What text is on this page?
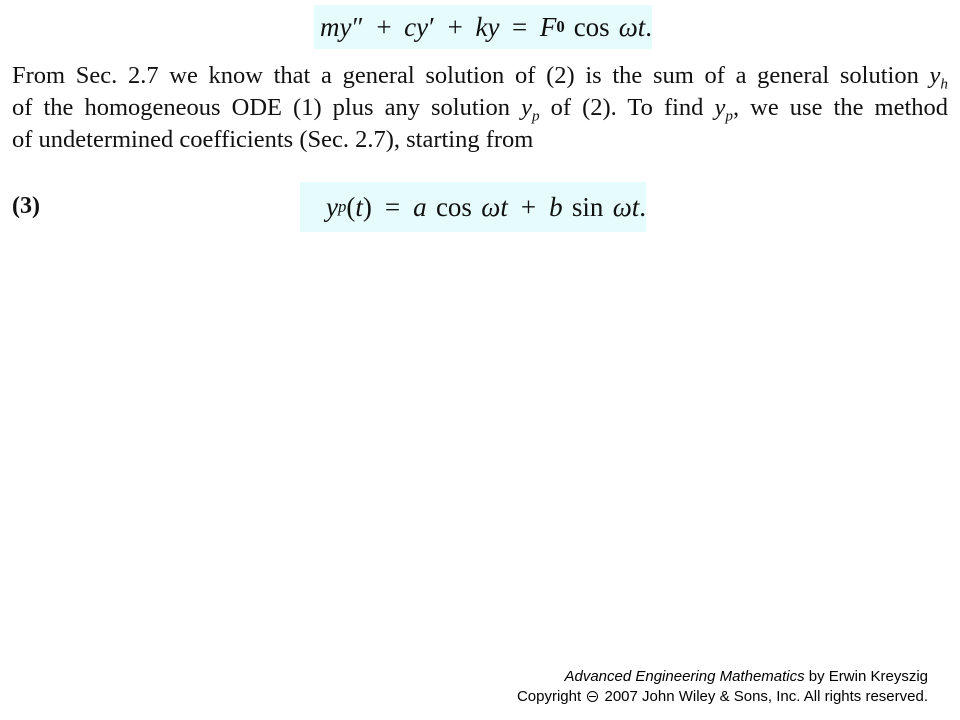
m y ″ + c y ′ + k y = F 0 cos ω t .
From Sec. 2.7 we know that a general solution of (2) is the sum of a general solution $y_h$
of the homogeneous ODE (1) plus any solution $y_p$ of (2). To find $y_p$, we use the method
of undetermined coefficients (Sec. 2.7), starting from
(3)	y p (t) = a cos ω t + b sin ω t .
Advanced Engineering Mathematics by Erwin Kreyszig
Copyright 2007 John Wiley & Sons, Inc. All rights reserved.
